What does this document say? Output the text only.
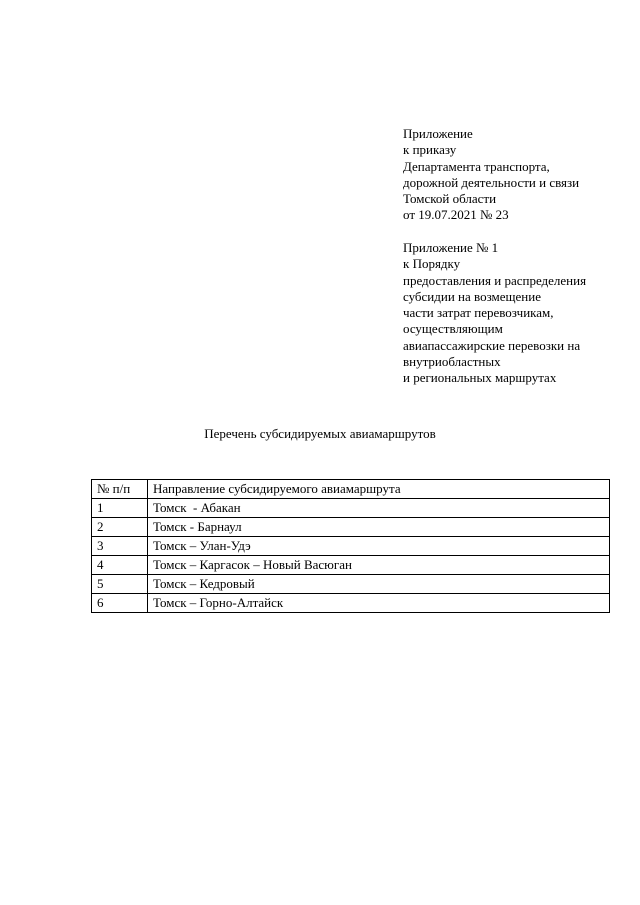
Приложение
к приказу
Департамента транспорта,
дорожной деятельности и связи
Томской области
от 19.07.2021 № 23
Приложение № 1
к Порядку
предоставления и распределения
субсидии на возмещение
части затрат перевозчикам,
осуществляющим
авиапассажирские перевозки на
внутриобластных
и региональных маршрутах
Перечень субсидируемых авиамаршрутов
№ п/п	Направление субсидируемого авиамаршрута
1	Томск  - Абакан
2	Томск - Барнаул
3	Томск – Улан-Удэ
4	Томск – Каргасок – Новый Васюган
5	Томск – Кедровый
6	Томск – Горно-Алтайск
